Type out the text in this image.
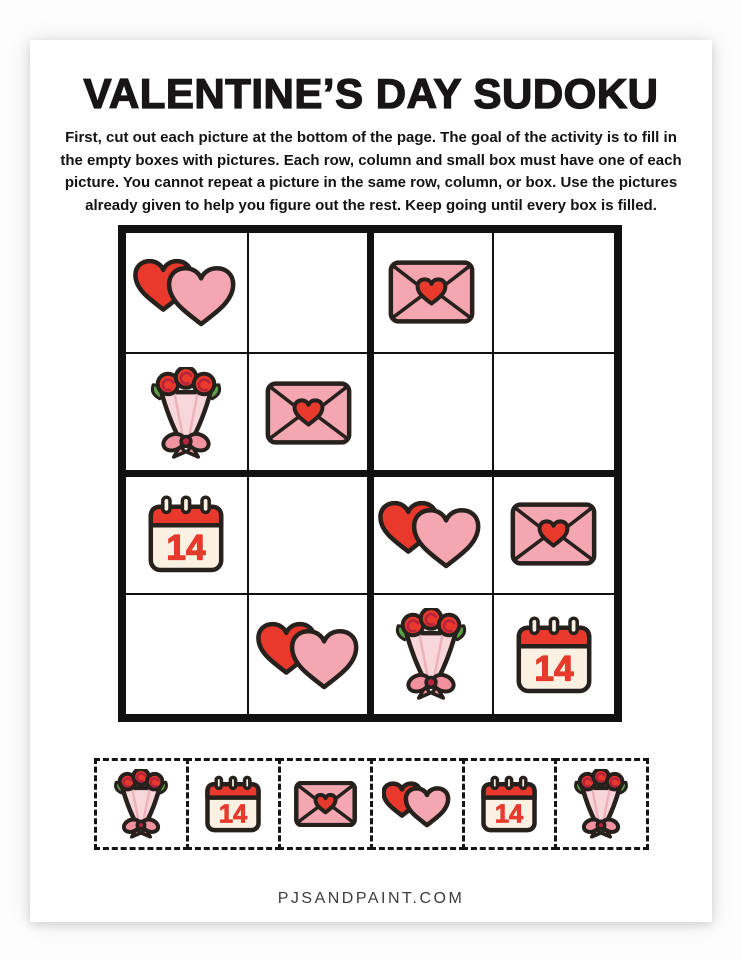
VALENTINE’S DAY SUDOKU

First, cut out each picture at the bottom of the page. The goal of the activity is to fill in the empty boxes with pictures. Each row, column and small box must have one of each picture. You cannot repeat a picture in the same row, column, or box. Use the pictures already given to help you figure out the rest. Keep going until every box is filled.

PJSANDPAINT.COM
